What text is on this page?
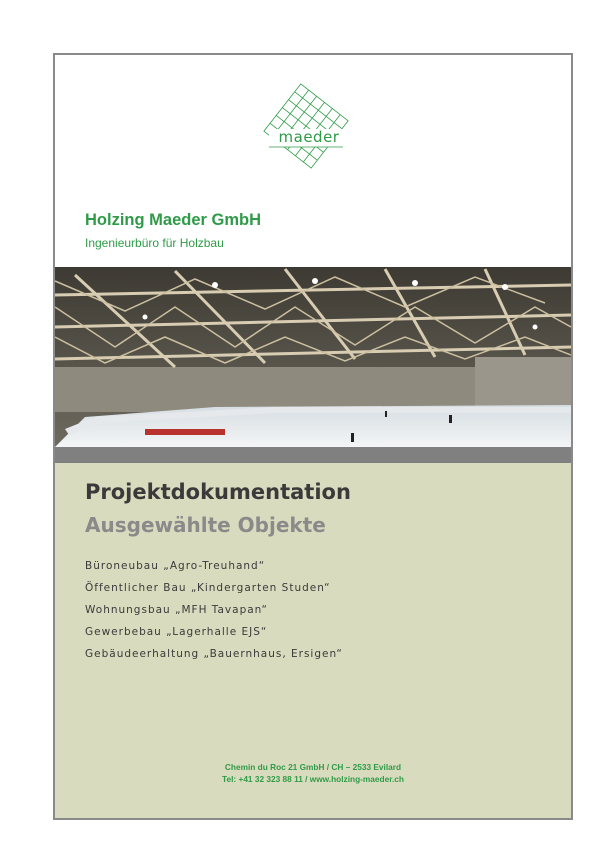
maeder
Holzing Maeder GmbH
Ingenieurbüro für Holzbau
Projektdokumentation
Ausgewählte Objekte
Büroneubau „Agro-Treuhand“
Öffentlicher Bau „Kindergarten Studen“
Wohnungsbau „MFH Tavapan“
Gewerbebau „Lagerhalle EJS“
Gebäudeerhaltung „Bauernhaus, Ersigen“
Chemin du Roc 21 GmbH / CH – 2533 Evilard
Tel: +41 32 323 88 11 / www.holzing-maeder.ch
